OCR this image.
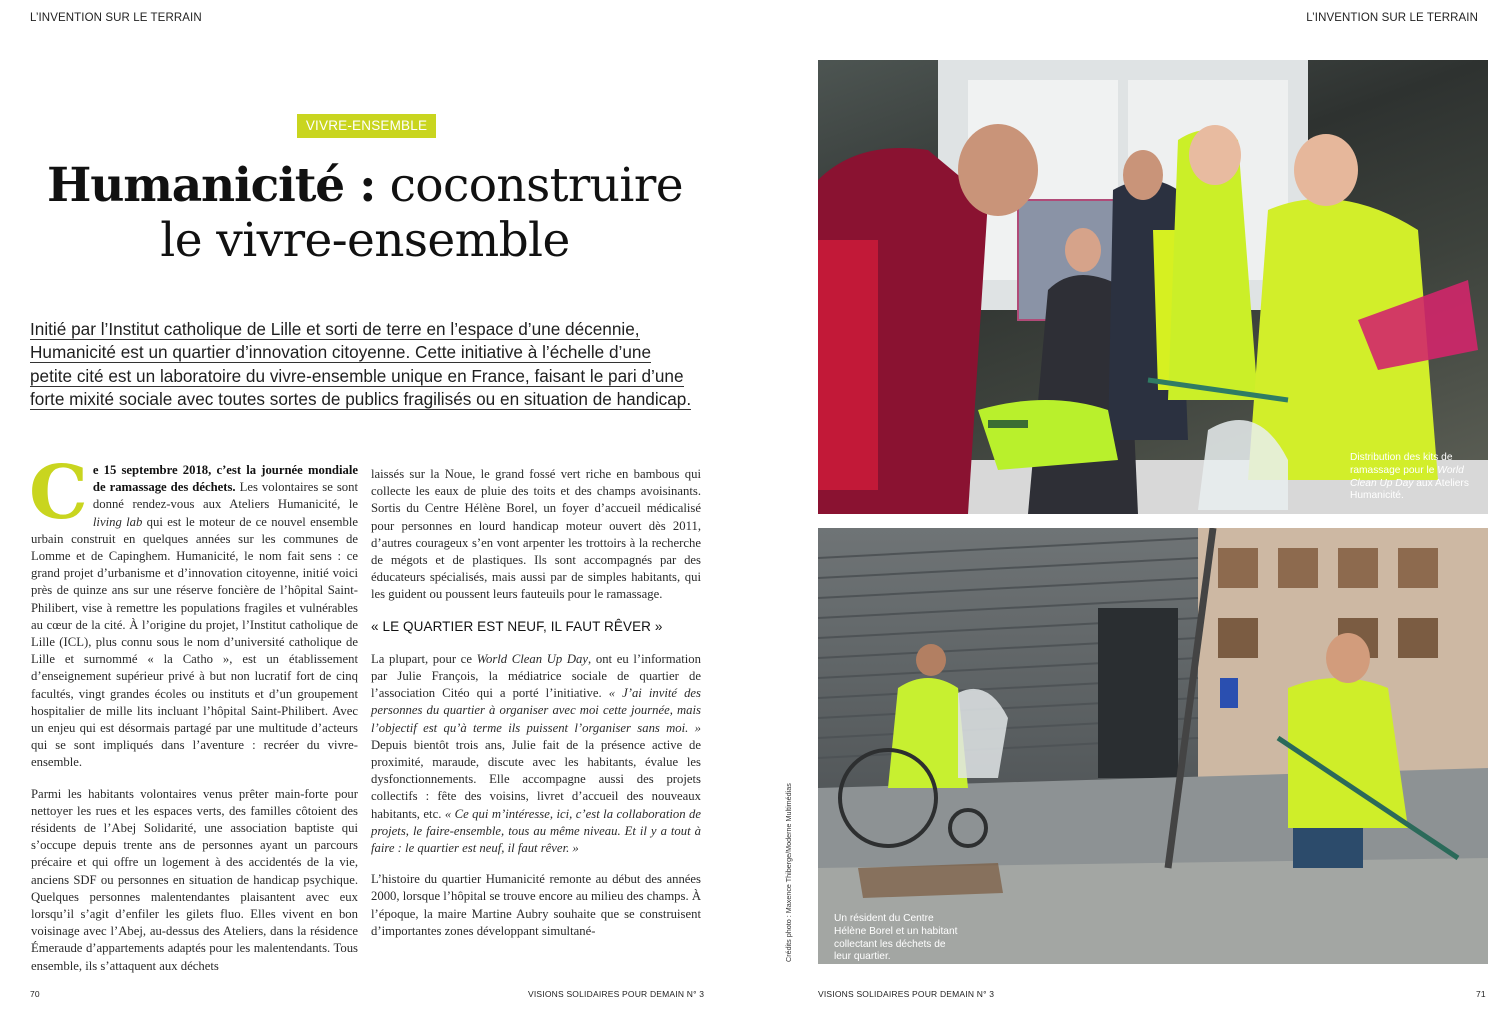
L’INVENTION SUR LE TERRAIN	L’INVENTION SUR LE TERRAIN
VIVRE-ENSEMBLE
Humanicité : coconstruire
le vivre-ensemble
Initié par l’Institut catholique de Lille et sorti de terre en l’espace d’une décennie, Humanicité est un quartier d’innovation citoyenne. Cette initiative à l’échelle d’une petite cité est un laboratoire du vivre-ensemble unique en France, faisant le pari d’une forte mixité sociale avec toutes sortes de publics fragilisés ou en situation de handicap.

Ce 15 septembre 2018, c’est la journée mondiale de ramassage des déchets. Les volontaires se sont donné rendez-vous aux Ateliers Humanicité, le living lab qui est le moteur de ce nouvel ensemble urbain construit en quelques années sur les communes de Lomme et de Capinghem. Humanicité, le nom fait sens : ce grand projet d’urbanisme et d’innovation citoyenne, initié voici près de quinze ans sur une réserve foncière de l’hôpital Saint-Philibert, vise à remettre les populations fragiles et vulnérables au cœur de la cité. À l’origine du projet, l’Institut catholique de Lille (ICL), plus connu sous le nom d’université catholique de Lille et surnommé « la Catho », est un établissement d’enseignement supérieur privé à but non lucratif fort de cinq facultés, vingt grandes écoles ou instituts et d’un groupement hospitalier de mille lits incluant l’hôpital Saint-Philibert. Avec un enjeu qui est désormais partagé par une multitude d’acteurs qui se sont impliqués dans l’aventure : recréer du vivre-ensemble.

Parmi les habitants volontaires venus prêter main-forte pour nettoyer les rues et les espaces verts, des familles côtoient des résidents de l’Abej Solidarité, une association baptiste qui s’occupe depuis trente ans de personnes ayant un parcours précaire et qui offre un logement à des accidentés de la vie, anciens SDF ou personnes en situation de handicap psychique. Quelques personnes malentendantes plaisantent avec eux lorsqu’il s’agit d’enfiler les gilets fluo. Elles vivent en bon voisinage avec l’Abej, au-dessus des Ateliers, dans la résidence Émeraude d’appartements adaptés pour les malentendants. Tous ensemble, ils s’attaquent aux déchets

laissés sur la Noue, le grand fossé vert riche en bambous qui collecte les eaux de pluie des toits et des champs avoisinants. Sortis du Centre Hélène Borel, un foyer d’accueil médicalisé pour personnes en lourd handicap moteur ouvert dès 2011, d’autres courageux s’en vont arpenter les trottoirs à la recherche de mégots et de plastiques. Ils sont accompagnés par des éducateurs spécialisés, mais aussi par de simples habitants, qui les guident ou poussent leurs fauteuils pour le ramassage.

« LE QUARTIER EST NEUF, IL FAUT RÊVER »

La plupart, pour ce World Clean Up Day, ont eu l’information par Julie François, la médiatrice sociale de quartier de l’association Citéo qui a porté l’initiative. « J’ai invité des personnes du quartier à organiser avec moi cette journée, mais l’objectif est qu’à terme ils puissent l’organiser sans moi. » Depuis bientôt trois ans, Julie fait de la présence active de proximité, maraude, discute avec les habitants, évalue les dysfonctionnements. Elle accompagne aussi des projets collectifs : fête des voisins, livret d’accueil des nouveaux habitants, etc. « Ce qui m’intéresse, ici, c’est la collaboration de projets, le faire-ensemble, tous au même niveau. Et il y a tout à faire : le quartier est neuf, il faut rêver. »

L’histoire du quartier Humanicité remonte au début des années 2000, lorsque l’hôpital se trouve encore au milieu des champs. À l’époque, la maire Martine Aubry souhaite que se construisent d’importantes zones développant simultané-

Distribution des kits de ramassage pour le World Clean Up Day aux Ateliers Humanicité.
Un résident du Centre Hélène Borel et un habitant collectant les déchets de leur quartier.
Crédits photo : Maxence Thiberge/Moderne Multimédias
70	VISIONS SOLIDAIRES POUR DEMAIN N° 3	VISIONS SOLIDAIRES POUR DEMAIN N° 3	71
